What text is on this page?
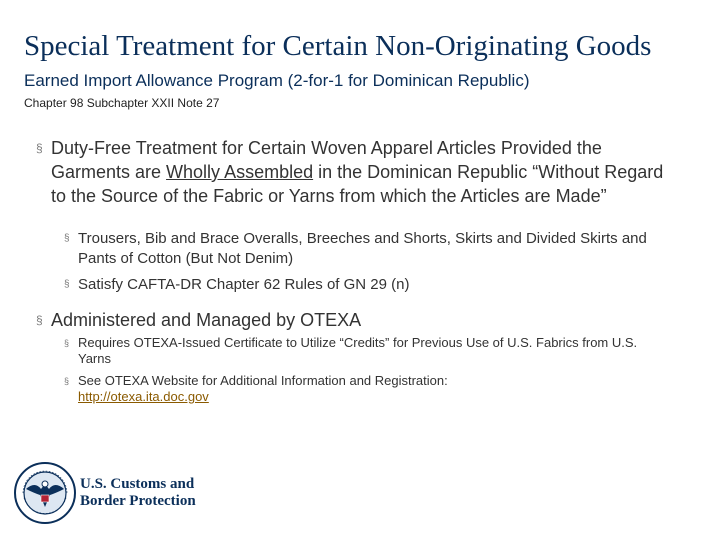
Special Treatment for Certain Non-Originating Goods
Earned Import Allowance Program (2-for-1 for Dominican Republic)
Chapter 98 Subchapter XXII Note 27
§ Duty-Free Treatment for Certain Woven Apparel Articles Provided the Garments are Wholly Assembled in the Dominican Republic “Without Regard to the Source of the Fabric or Yarns from which the Articles are Made”
§ Trousers, Bib and Brace Overalls, Breeches and Shorts, Skirts and Divided Skirts and Pants of Cotton (But Not Denim)
§ Satisfy CAFTA-DR Chapter 62 Rules of GN 29 (n)
§ Administered and Managed by OTEXA
§ Requires OTEXA-Issued Certificate to Utilize “Credits” for Previous Use of U.S. Fabrics from U.S. Yarns
§ See OTEXA Website for Additional Information and Registration:
http://otexa.ita.doc.gov
U.S. Customs and
Border Protection
